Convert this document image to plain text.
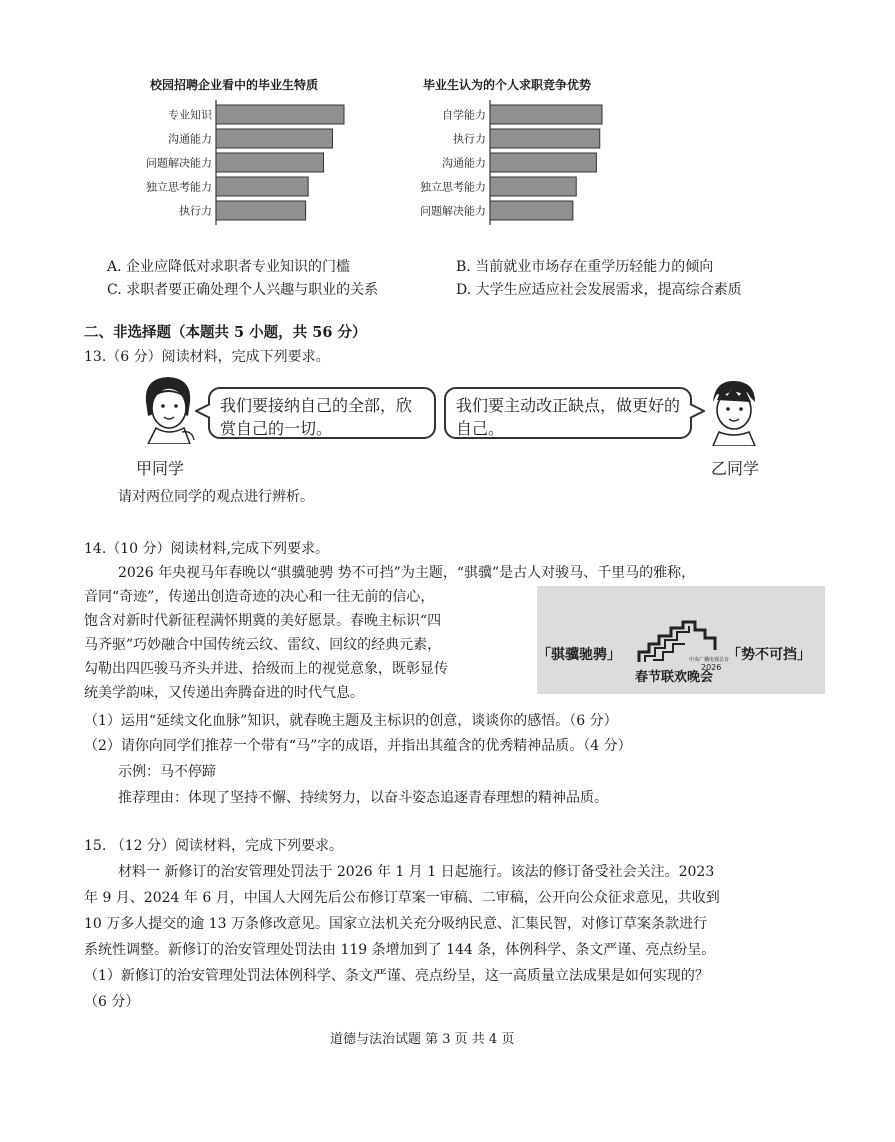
校园招聘企业看中的毕业生特质
专业知识
沟通能力
问题解决能力
独立思考能力
执行力
毕业生认为的个人求职竞争优势
自学能力
执行力
沟通能力
独立思考能力
问题解决能力
A. 企业应降低对求职者专业知识的门槛	B. 当前就业市场存在重学历轻能力的倾向
C. 求职者要正确处理个人兴趣与职业的关系	D. 大学生应适应社会发展需求，提高综合素质
二、非选择题（本题共 5 小题，共 56 分）
13.（6 分）阅读材料，完成下列要求。
我们要接纳自己的全部，欣赏自己的一切。
我们要主动改正缺点，做更好的自己。
甲同学	乙同学
请对两位同学的观点进行辨析。
14.（10 分）阅读材料,完成下列要求。
2026 年央视马年春晚以“骐骥驰骋 势不可挡”为主题，“骐骥”是古人对骏马、千里马的雅称，
音同“奇迹”，传递出创造奇迹的决心和一往无前的信心，
饱含对新时代新征程满怀期冀的美好愿景。春晚主标识“四
马齐驱”巧妙融合中国传统云纹、雷纹、回纹的经典元素，
勾勒出四匹骏马齐头并进、拾级而上的视觉意象，既彰显传
统美学韵味，又传递出奔腾奋进的时代气息。
「骐骥驰骋」	「势不可挡」
中央广播电视总台
2026
春节联欢晚会
（1）运用“延续文化血脉”知识，就春晚主题及主标识的创意，谈谈你的感悟。（6 分）
（2）请你向同学们推荐一个带有“马”字的成语，并指出其蕴含的优秀精神品质。（4 分）
示例：马不停蹄
推荐理由：体现了坚持不懈、持续努力，以奋斗姿态追逐青春理想的精神品质。
15. （12 分）阅读材料，完成下列要求。
材料一 新修订的治安管理处罚法于 2026 年 1 月 1 日起施行。该法的修订备受社会关注。2023
年 9 月、2024 年 6 月，中国人大网先后公布修订草案一审稿、二审稿，公开向公众征求意见，共收到
10 万多人提交的逾 13 万条修改意见。国家立法机关充分吸纳民意、汇集民智，对修订草案条款进行
系统性调整。新修订的治安管理处罚法由 119 条增加到了 144 条，体例科学、条文严谨、亮点纷呈。
（1）新修订的治安管理处罚法体例科学、条文严谨、亮点纷呈，这一高质量立法成果是如何实现的？
（6 分）
道德与法治试题 第 3 页 共 4 页
